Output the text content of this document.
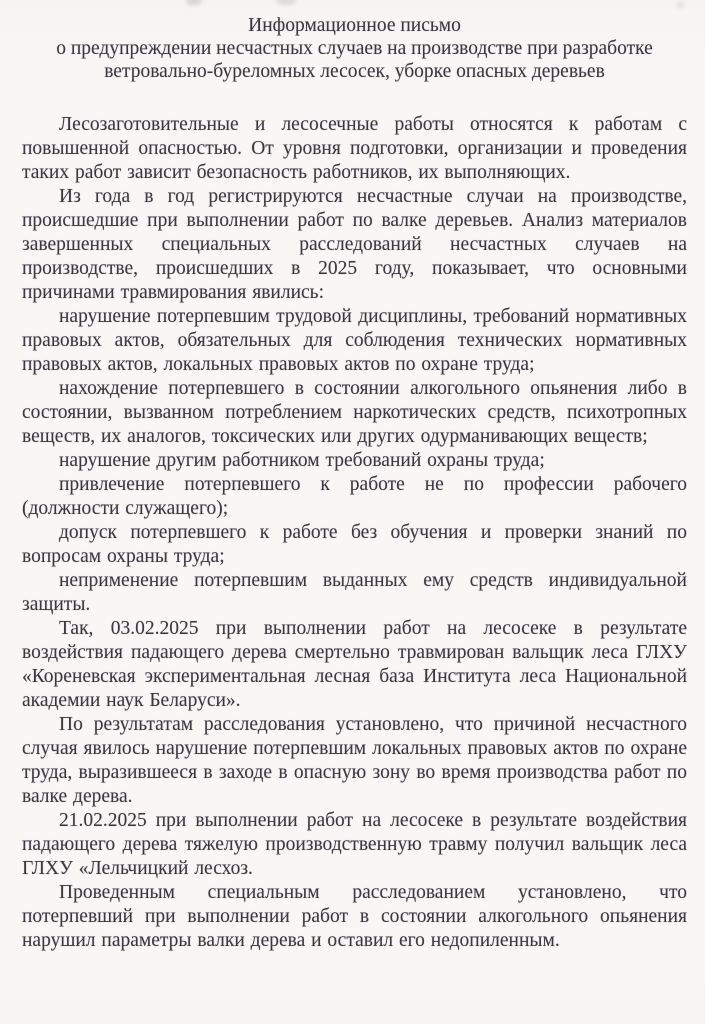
Информационное письмо
о предупреждении несчастных случаев на производстве при разработке
ветровально-буреломных лесосек, уборке опасных деревьев

Лесозаготовительные и лесосечные работы относятся к работам с повышенной опасностью. От уровня подготовки, организации и проведения таких работ зависит безопасность работников, их выполняющих.

Из года в год регистрируются несчастные случаи на производстве, происшедшие при выполнении работ по валке деревьев. Анализ материалов завершенных специальных расследований несчастных случаев на производстве, происшедших в 2025 году, показывает, что основными причинами травмирования явились:

нарушение потерпевшим трудовой дисциплины, требований нормативных правовых актов, обязательных для соблюдения технических нормативных правовых актов, локальных правовых актов по охране труда;

нахождение потерпевшего в состоянии алкогольного опьянения либо в состоянии, вызванном потреблением наркотических средств, психотропных веществ, их аналогов, токсических или других одурманивающих веществ;

нарушение другим работником требований охраны труда;

привлечение потерпевшего к работе не по профессии рабочего (должности служащего);

допуск потерпевшего к работе без обучения и проверки знаний по вопросам охраны труда;

неприменение потерпевшим выданных ему средств индивидуальной защиты.

Так, 03.02.2025 при выполнении работ на лесосеке в результате воздействия падающего дерева смертельно травмирован вальщик леса ГЛХУ «Кореневская экспериментальная лесная база Института леса Национальной академии наук Беларуси».

По результатам расследования установлено, что причиной несчастного случая явилось нарушение потерпевшим локальных правовых актов по охране труда, выразившееся в заходе в опасную зону во время производства работ по валке дерева.

21.02.2025 при выполнении работ на лесосеке в результате воздействия падающего дерева тяжелую производственную травму получил вальщик леса ГЛХУ «Лельчицкий лесхоз.

Проведенным специальным расследованием установлено, что потерпевший при выполнении работ в состоянии алкогольного опьянения нарушил параметры валки дерева и оставил его недопиленным.
